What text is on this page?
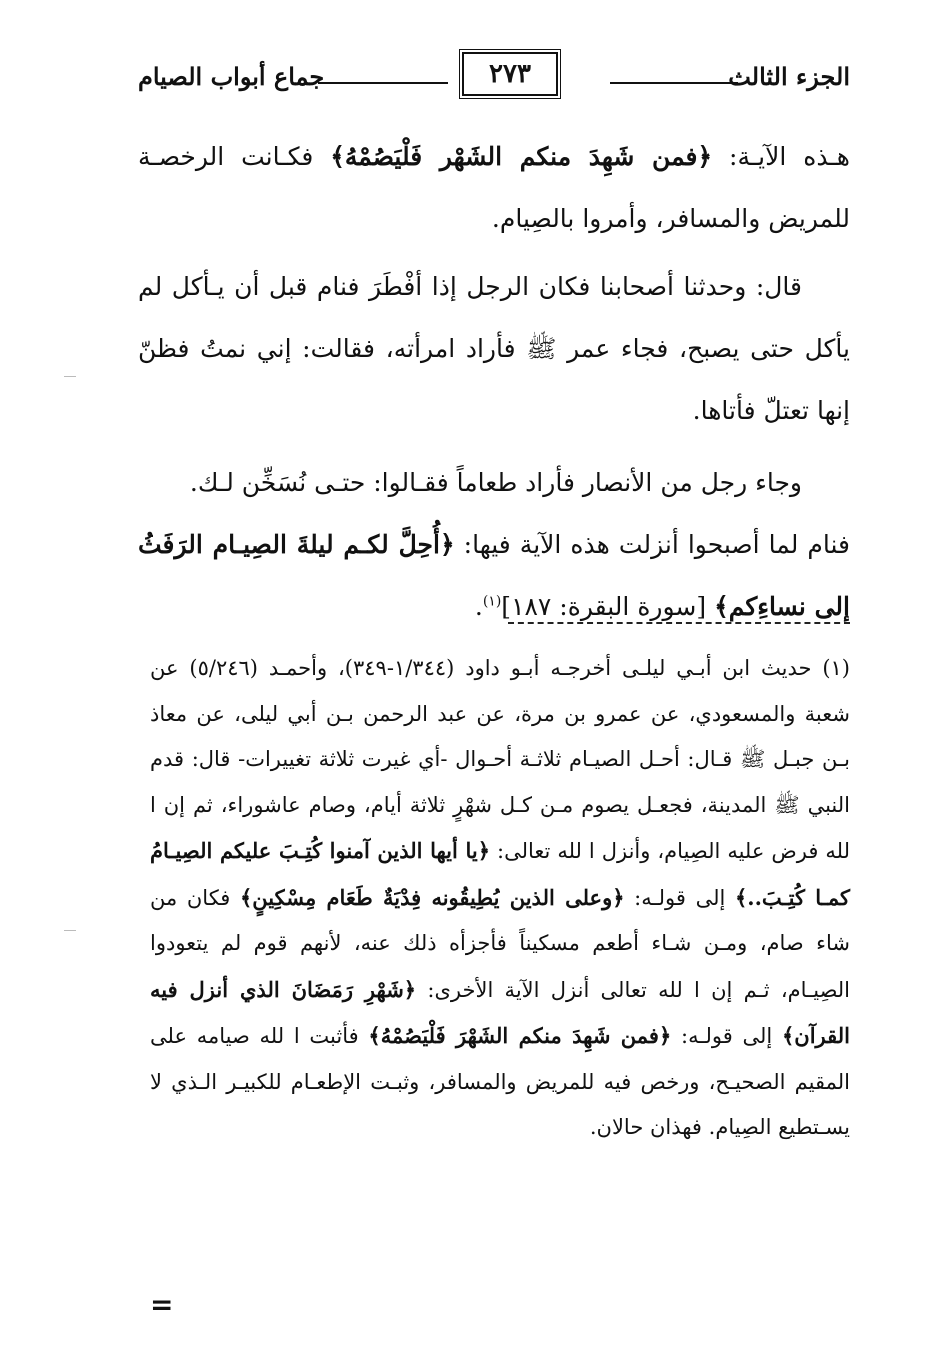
الجزء الثالث
٢٧٣
جماع أبواب الصيام

هـذه الآيـة: ﴿فمن شَهِدَ منكم الشَهْر فَلْيَصُمْهُ﴾ فكـانت الرخصـة للمريض والمسافر، وأمروا بالصِيام.

قال: وحدثنا أصحابنا فكان الرجل إذا أفْطَرَ فنام قبل أن يـأكل لم يأكل حتى يصبح، فجاء عمر ﷺ فأراد امرأته، فقالت: إني نمتُ فظنّ إنها تعتلّ فأتاها.

وجاء رجل من الأنصار فأراد طعاماً فقـالوا: حتـى نُسَخِّن لـك.

فنام لما أصبحوا أنزلت هذه الآية فيها: ﴿أُحِلَّ لكـم ليلةَ الصِيـام الرَفَثُ إلى نساءِكم﴾ [سورة البقرة: ١٨٧]$^{(١)}$.

(١) حديث ابن أبـي ليلـى أخرجـه أبـو داود (١/٣٤٤-٣٤٩)، وأحمـد (٥/٢٤٦) عن شعبة والمسعودي، عن عمرو بن مرة، عن عبد الرحمن بـن أبي ليلى، عن معاذ بـن جبـل ﷺ قـال: أحـل الصيـام ثلاثـة أحـوال -أي غيرت ثلاثة تغييرات- قال: قدم النبي ﷺ المدينة، فجعـل يصوم مـن كـل شهْرٍ ثلاثة أيام، وصام عاشوراء، ثم إن ا لله فرض عليه الصِيام، وأنزل ا لله تعالى: ﴿يا أيها الذين آمنوا كُتِـبَ عليكم الصِيـامُ كمـا كُتِـبَ..﴾ إلى قولـه: ﴿وعلى الذين يُطِيقُونه فِدْيَةٌ طَعَام مِسْكِينٍ﴾ فكان من شاء صام، ومـن شـاء أطعم مسكيناً فأجزأه ذلك عنه، لأنهم قوم لم يتعودوا الصِيـام، ثـم إن ا لله تعالى أنزل الآية الأخرى: ﴿شَهْرِ رَمَضَانَ الذي أنزل فيه القرآن﴾ إلى قولـه: ﴿فمن شَهِدَ منكم الشَهْرَ فَلْيَصُمْهُ﴾ فأثبت ا لله صيامه على المقيم الصحيـح، ورخص فيه للمريض والمسافر، وثبـت الإطعـام للكبيـر الـذي لا يسـتطيع الصِيام. فهذان حالان.
=
